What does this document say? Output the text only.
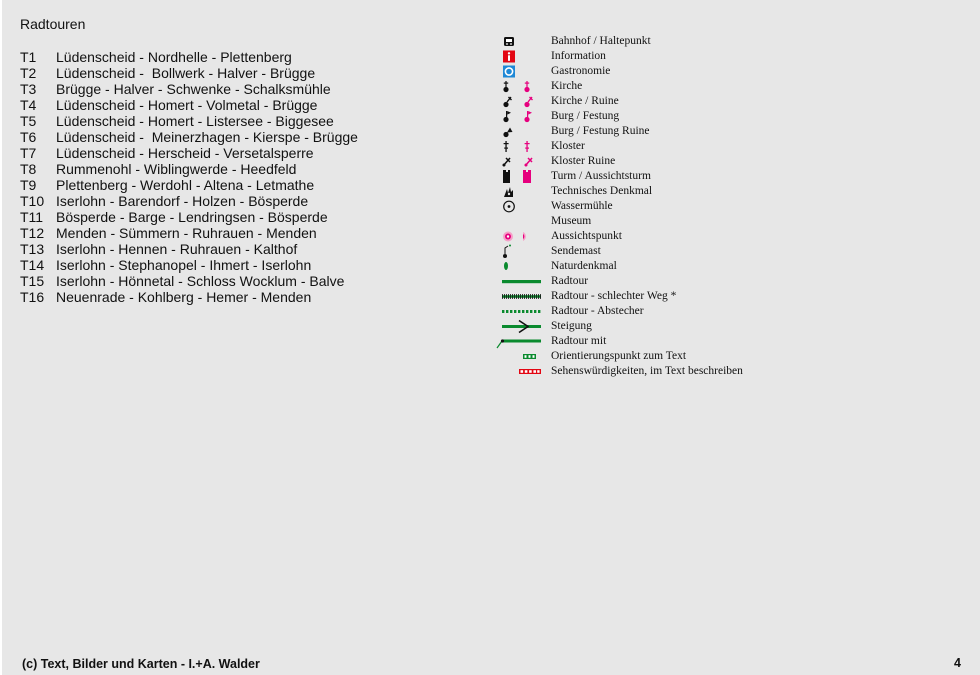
Radtouren
T1	Lüdenscheid - Nordhelle - Plettenberg
T2	Lüdenscheid -  Bollwerk - Halver - Brügge
T3	Brügge - Halver - Schwenke - Schalksmühle
T4	Lüdenscheid - Homert - Volmetal - Brügge
T5	Lüdenscheid - Homert - Listersee - Biggesee
T6	Lüdenscheid -  Meinerzhagen - Kierspe - Brügge
T7	Lüdenscheid - Herscheid - Versetalsperre
T8	Rummenohl - Wiblingwerde - Heedfeld
T9	Plettenberg - Werdohl - Altena - Letmathe
T10 Iserlohn - Barendorf - Holzen - Bösperde
T11 Bösperde - Barge - Lendringsen - Bösperde
T12 Menden - Sümmern - Ruhrauen - Menden
T13 Iserlohn - Hennen - Ruhrauen - Kalthof
T14 Iserlohn - Stephanopel - Ihmert - Iserlohn
T15 Iserlohn - Hönnetal - Schloss Wocklum - Balve
T16 Neuenrade - Kohlberg - Hemer - Menden
Bahnhof / Haltepunkt
Information
Gastronomie
Kirche
Kirche / Ruine
Burg / Festung
Burg / Festung Ruine
Kloster
Kloster Ruine
Turm / Aussichtsturm
Technisches Denkmal
Wassermühle
Museum
Aussichtspunkt
Sendemast
Naturdenkmal
Radtour
Radtour - schlechter Weg *
Radtour - Abstecher
Steigung
Radtour mit
Orientierungspunkt zum Text
Sehenswürdigkeiten, im Text beschreiben
(c) Text, Bilder und Karten - I.+A. Walder	4
